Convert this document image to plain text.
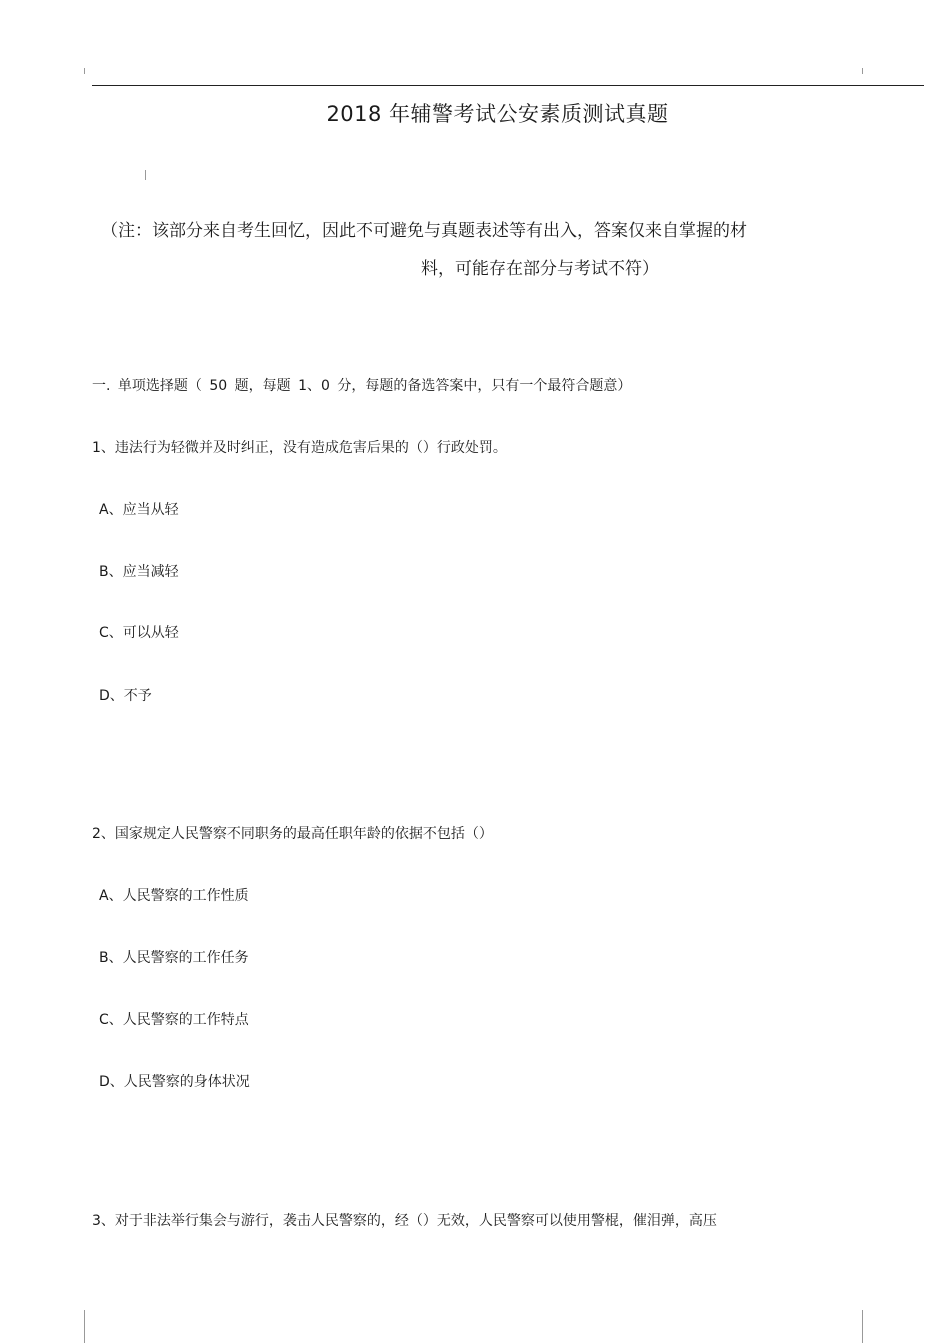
2018 年辅警考试公安素质测试真题
（注：该部分来自考生回忆，因此不可避免与真题表述等有出入，答案仅来自掌握的材
料，可能存在部分与考试不符）
一. 单项选择题（ 50 题，每题 1、0 分，每题的备选答案中，只有一个最符合题意）
1、违法行为轻微并及时纠正，没有造成危害后果的（）行政处罚。
A、应当从轻
B、应当减轻
C、可以从轻
D、不予
2、国家规定人民警察不同职务的最高任职年龄的依据不包括（）
A、人民警察的工作性质
B、人民警察的工作任务
C、人民警察的工作特点
D、人民警察的身体状况
3、对于非法举行集会与游行，袭击人民警察的，经（）无效，人民警察可以使用警棍，催泪弹，高压
